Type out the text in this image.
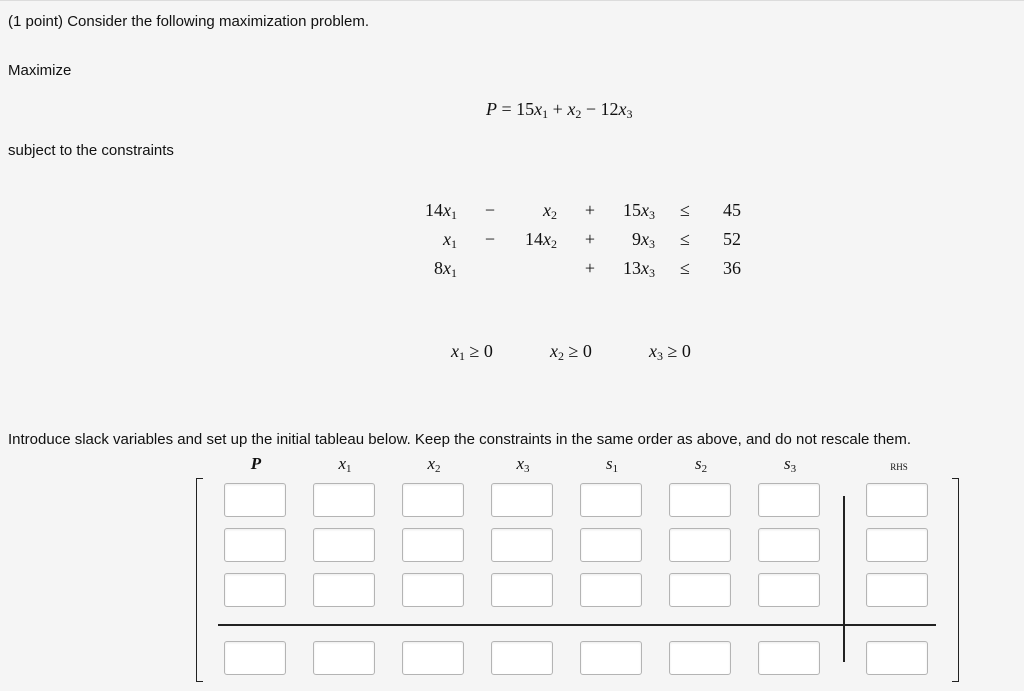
(1 point) Consider the following maximization problem.
Maximize
$P = 15x_1 + x_2 - 12x_3$
subject to the constraints
$14x_1$ −	$x_2$ +	$15x_3$ ≤	45
$x_1$ −	$14x_2$ +	$9x_3$ ≤	52
$8x_1$	+	$13x_3$ ≤	36
$x_1 \ge 0$	$x_2 \ge 0$	$x_3 \ge 0$
Introduce slack variables and set up the initial tableau below. Keep the constraints in the same order as above, and do not rescale them.
P	$x_1$	$x_2$	$x_3$	$s_1$	$s_2$	$s_3$	RHS
